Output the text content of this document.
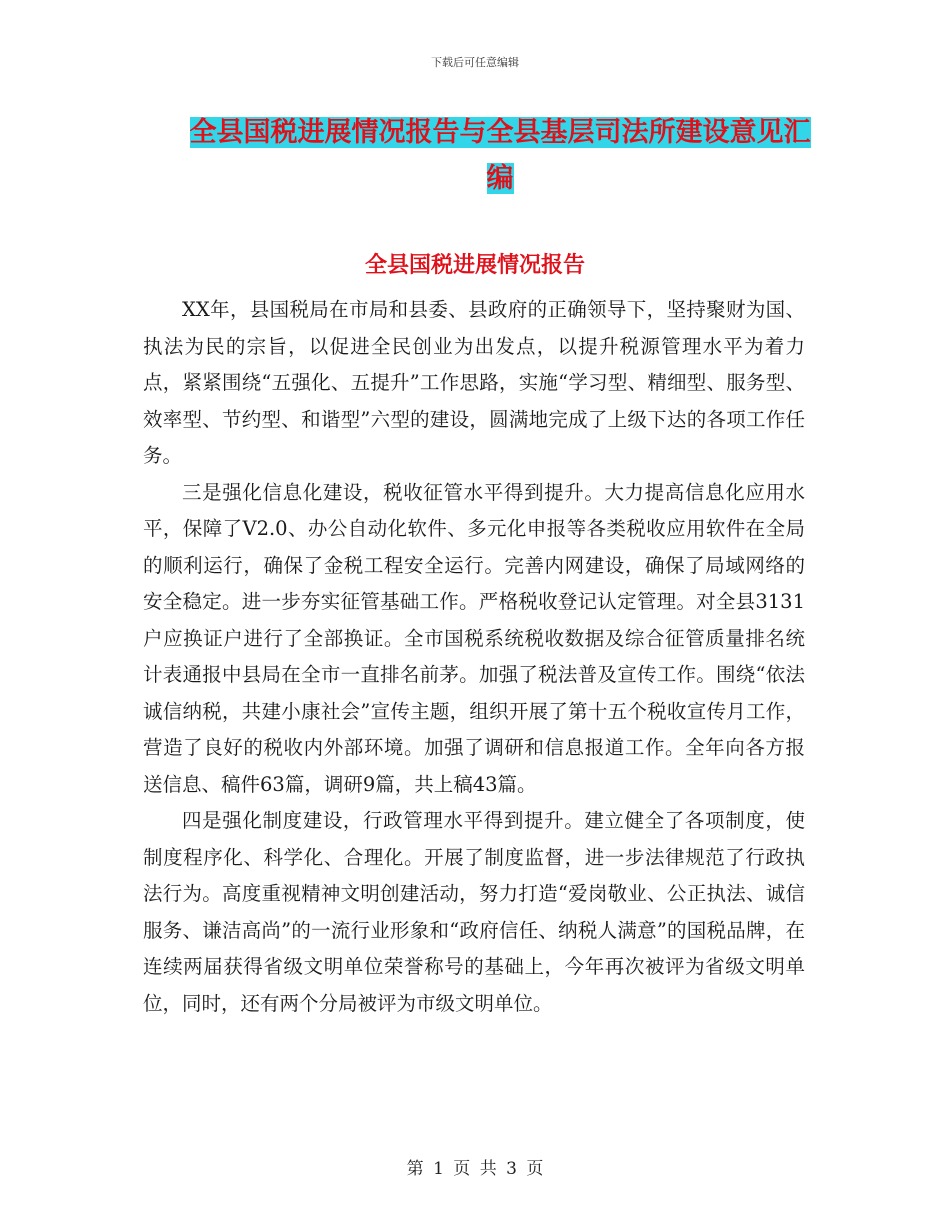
下载后可任意编辑
全县国税进展情况报告与全县基层司法所建设意见汇
编
全县国税进展情况报告

XX年，县国税局在市局和县委、县政府的正确领导下，坚持聚财为国、执法为民的宗旨，以促进全民创业为出发点，以提升税源管理水平为着力点，紧紧围绕“五强化、五提升”工作思路，实施“学习型、精细型、服务型、效率型、节约型、和谐型”六型的建设，圆满地完成了上级下达的各项工作任务。

三是强化信息化建设，税收征管水平得到提升。大力提高信息化应用水平，保障了V2.0、办公自动化软件、多元化申报等各类税收应用软件在全局的顺利运行，确保了金税工程安全运行。完善内网建设，确保了局域网络的安全稳定。进一步夯实征管基础工作。严格税收登记认定管理。对全县3131户应换证户进行了全部换证。全市国税系统税收数据及综合征管质量排名统计表通报中县局在全市一直排名前茅。加强了税法普及宣传工作。围绕“依法诚信纳税，共建小康社会”宣传主题，组织开展了第十五个税收宣传月工作，营造了良好的税收内外部环境。加强了调研和信息报道工作。全年向各方报送信息、稿件63篇，调研9篇，共上稿43篇。

四是强化制度建设，行政管理水平得到提升。建立健全了各项制度，使制度程序化、科学化、合理化。开展了制度监督，进一步法律规范了行政执法行为。高度重视精神文明创建活动，努力打造“爱岗敬业、公正执法、诚信服务、谦洁高尚”的一流行业形象和“政府信任、纳税人满意”的国税品牌，在连续两届获得省级文明单位荣誉称号的基础上，今年再次被评为省级文明单位，同时，还有两个分局被评为市级文明单位。

第 1 页 共 3 页
